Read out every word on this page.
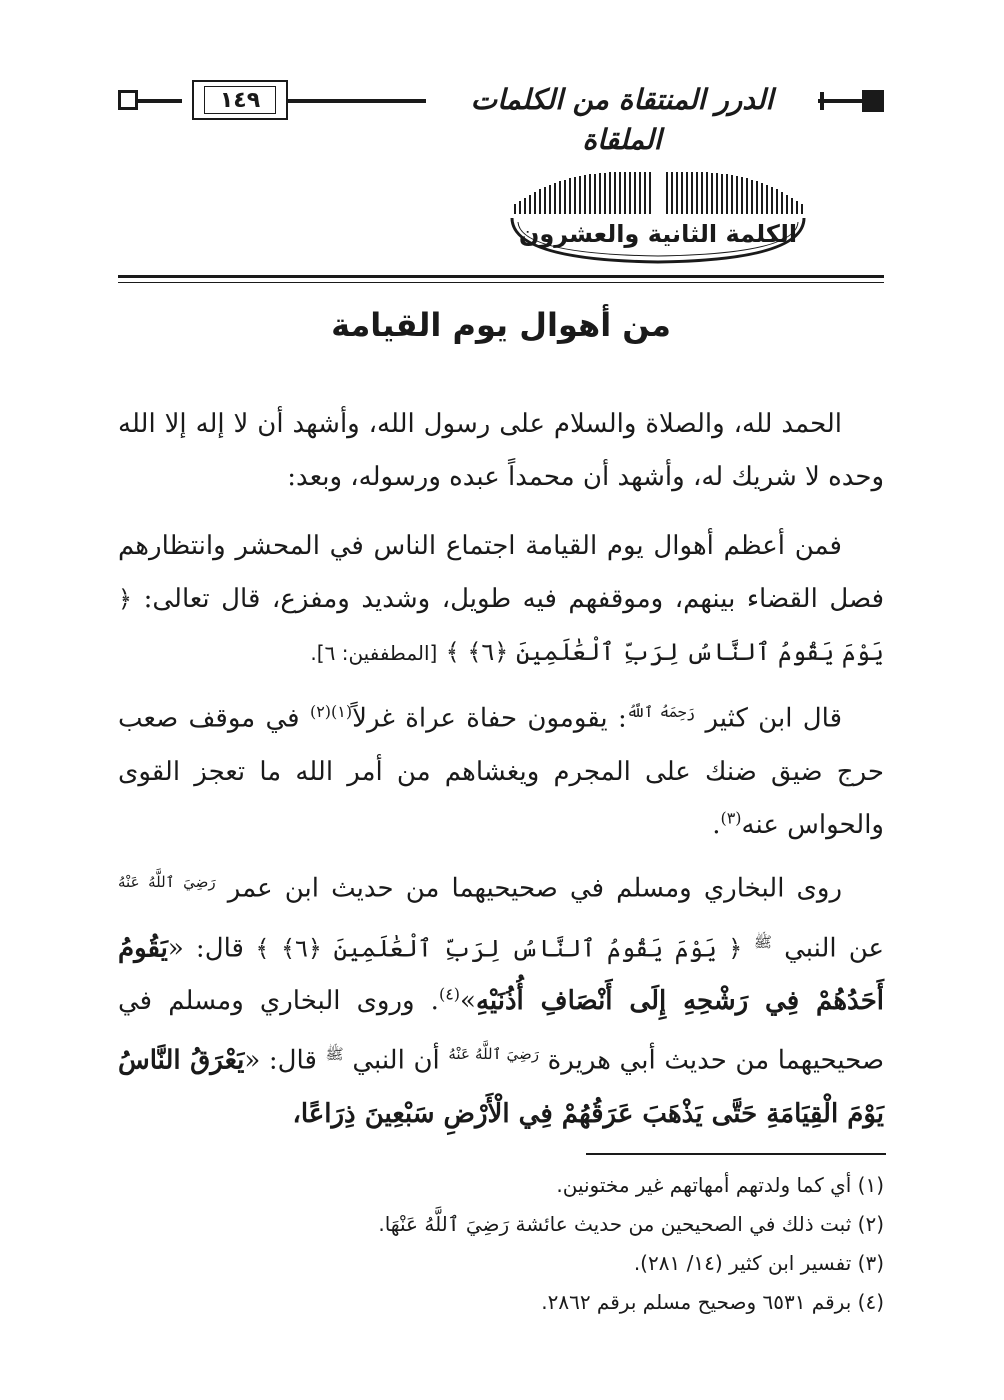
الدرر المنتقاة من الكلمات الملقاة
١٤٩
الكلمة الثانية والعشرون
من أهوال يوم القيامة
الحمد لله، والصلاة والسلام على رسول الله، وأشهد أن لا إله إلا الله وحده لا شريك له، وأشهد أن محمداً عبده ورسوله، وبعد:
فمن أعظم أهوال يوم القيامة اجتماع الناس في المحشر وانتظارهم فصل القضاء بينهم، وموقفهم فيه طويل، وشديد ومفزع، قال تعالى: ﴿ يَوْمَ يَقُومُ ٱلنَّاسُ لِرَبِّ ٱلْعَٰلَمِينَ ﴿٦﴾ ﴾ [المطففين: ٦].
قال ابن كثير $^{رَحِمَهُ ٱللَّهُ}$: يقومون حفاة عراة غرلاً$^{(١)(٢)}$ في موقف صعب حرج ضيق ضنك على المجرم ويغشاهم من أمر الله ما تعجز القوى والحواس عنه$^{(٣)}$.
روى البخاري ومسلم في صحيحيهما من حديث ابن عمر $^{رَضِيَ ٱللَّهُ عَنْهُ}$ عن النبي $^ﷺ$ ﴿ يَوْمَ يَقُومُ ٱلنَّاسُ لِرَبِّ ٱلْعَٰلَمِينَ ﴿٦﴾ ﴾ قال: «يَقُومُ أَحَدُهُمْ فِي رَشْحِهِ إِلَى أَنْصَافِ أُذُنَيْهِ»$^{(٤)}$. وروى البخاري ومسلم في صحيحيهما من حديث أبي هريرة $^{رَضِيَ ٱللَّهُ عَنْهُ}$ أن النبي $^ﷺ$ قال: «يَعْرَقُ النَّاسُ يَوْمَ الْقِيَامَةِ حَتَّى يَذْهَبَ عَرَقُهُمْ فِي الْأَرْضِ سَبْعِينَ ذِرَاعًا،
(١) أي كما ولدتهم أمهاتهم غير مختونين.
(٢) ثبت ذلك في الصحيحين من حديث عائشة رَضِيَ ٱللَّهُ عَنْهَا.
(٣) تفسير ابن كثير (١٤/ ٢٨١).
(٤) برقم ٦٥٣١ وصحيح مسلم برقم ٢٨٦٢.
